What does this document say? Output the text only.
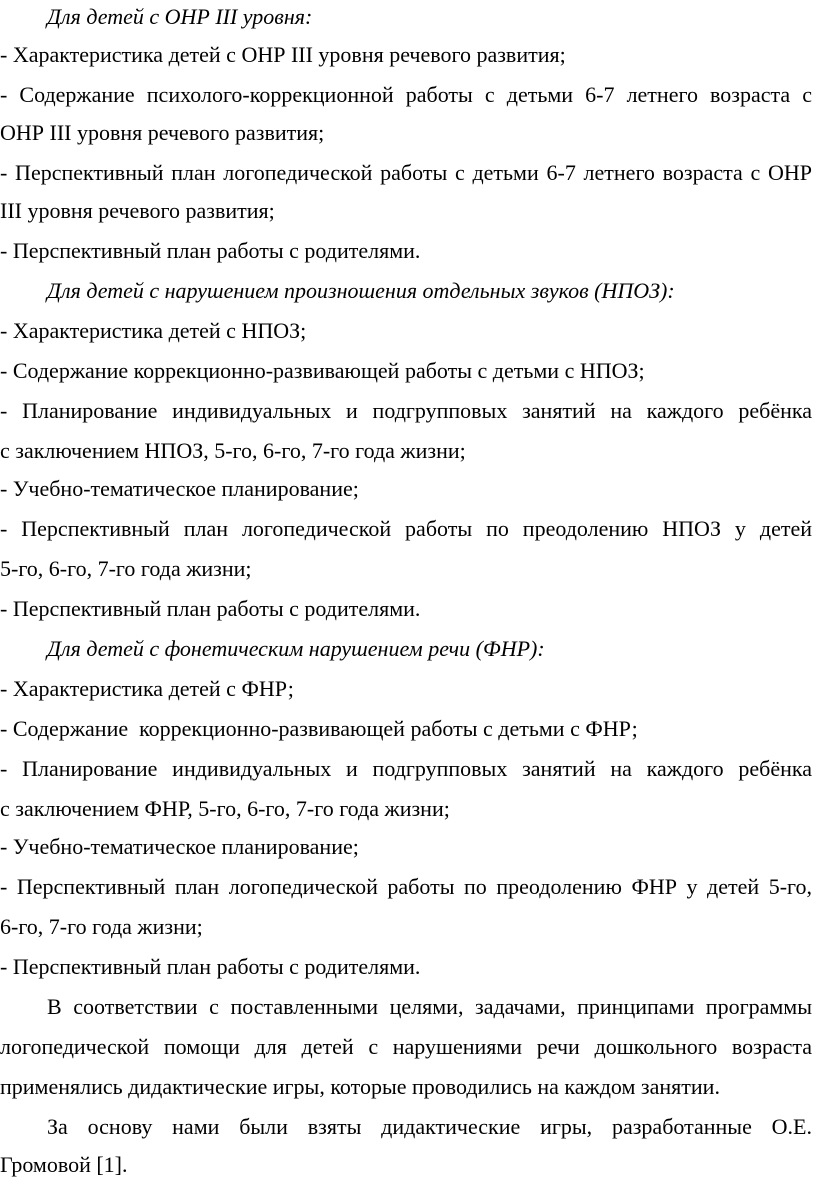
Для детей с ОНР III уровня:
- Характеристика детей с ОНР III уровня речевого развития;
- Содержание психолого-коррекционной работы с детьми 6-7 летнего возраста с
ОНР III уровня речевого развития;
- Перспективный план логопедической работы с детьми 6-7 летнего возраста с ОНР
III уровня речевого развития;
- Перспективный план работы с родителями.
Для детей с нарушением произношения отдельных звуков (НПОЗ):
- Характеристика детей с НПОЗ;
- Содержание коррекционно-развивающей работы с детьми с НПОЗ;
- Планирование индивидуальных и подгрупповых занятий на каждого ребёнка
с заключением НПОЗ, 5-го, 6-го, 7-го года жизни;
- Учебно-тематическое планирование;
- Перспективный план логопедической работы по преодолению НПОЗ у детей
5-го, 6-го, 7-го года жизни;
- Перспективный план работы с родителями.
Для детей с фонетическим нарушением речи (ФНР):
- Характеристика детей с ФНР;
- Содержание  коррекционно-развивающей работы с детьми с ФНР;
- Планирование индивидуальных и подгрупповых занятий на каждого ребёнка
с заключением ФНР, 5-го, 6-го, 7-го года жизни;
- Учебно-тематическое планирование;
- Перспективный план логопедической работы по преодолению ФНР у детей 5-го,
6-го, 7-го года жизни;
- Перспективный план работы с родителями.
В соответствии с поставленными целями, задачами, принципами программы
логопедической помощи для детей с нарушениями речи дошкольного возраста
применялись дидактические игры, которые проводились на каждом занятии.
За основу нами были взяты дидактические игры, разработанные О.Е.
Громовой [1].
